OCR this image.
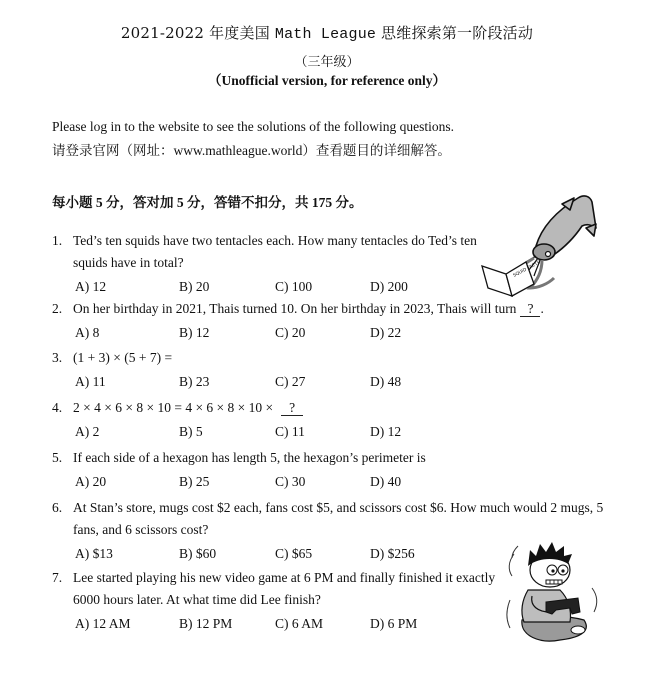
2021-2022 年度美国 Math League 思维探索第一阶段活动
（三年级）
（Unofficial version, for reference only）
Please log in to the website to see the solutions of the following questions.
请登录官网（网址：www.mathleague.world）查看题目的详细解答。
每小题 5 分，答对加 5 分，答错不扣分，共 175 分。
1. Ted’s ten squids have two tentacles each. How many tentacles do Ted’s ten squids have in total?
A) 12	B) 20	C) 100	D) 200
2. On her birthday in 2021, Thais turned 10. On her birthday in 2023, Thais will turn ? .
A) 8	B) 12	C) 20	D) 22
3. (1 + 3) × (5 + 7) =
A) 11	B) 23	C) 27	D) 48
4. 2 × 4 × 6 × 8 × 10 = 4 × 6 × 8 × 10 × ?
A) 2	B) 5	C) 11	D) 12
5. If each side of a hexagon has length 5, the hexagon’s perimeter is
A) 20	B) 25	C) 30	D) 40
6. At Stan’s store, mugs cost $2 each, fans cost $5, and scissors cost $6. How much would 2 mugs, 5 fans, and 6 scissors cost?
A) $13	B) $60	C) $65	D) $256
7. Lee started playing his new video game at 6 PM and finally finished it exactly 6000 hours later. At what time did Lee finish?
A) 12 AM	B) 12 PM	C) 6 AM	D) 6 PM
SQUID FACTS
